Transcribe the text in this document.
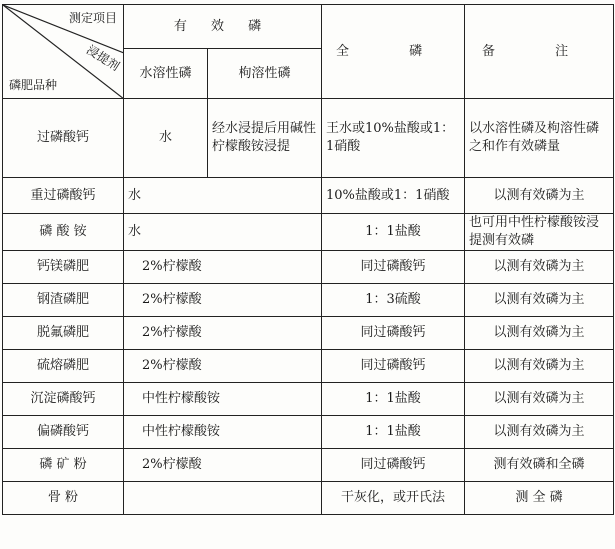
测定项目
浸提剂
磷肥品种	有 效 磷		全 磷	备 注
	水溶性磷	枸溶性磷		
过磷酸钙	水	经水浸提后用碱性柠檬酸铵浸提	王水或10%盐酸或1：1硝酸	以水溶性磷及枸溶性磷之和作有效磷量
重过磷酸钙	水		10%盐酸或1：1硝酸	以测有效磷为主
磷 酸 铵	水		1：1盐酸	也可用中性柠檬酸铵浸提测有效磷
钙镁磷肥	2%柠檬酸		同过磷酸钙	以测有效磷为主
钢渣磷肥	2%柠檬酸		1：3硫酸	以测有效磷为主
脱氟磷肥	2%柠檬酸		同过磷酸钙	以测有效磷为主
硫熔磷肥	2%柠檬酸		同过磷酸钙	以测有效磷为主
沉淀磷酸钙	中性柠檬酸铵		1：1盐酸	以测有效磷为主
偏磷酸钙	中性柠檬酸铵		1：1盐酸	以测有效磷为主
磷 矿 粉	2%柠檬酸		同过磷酸钙	测有效磷和全磷
骨 粉			干灰化，或开氏法	测 全 磷
